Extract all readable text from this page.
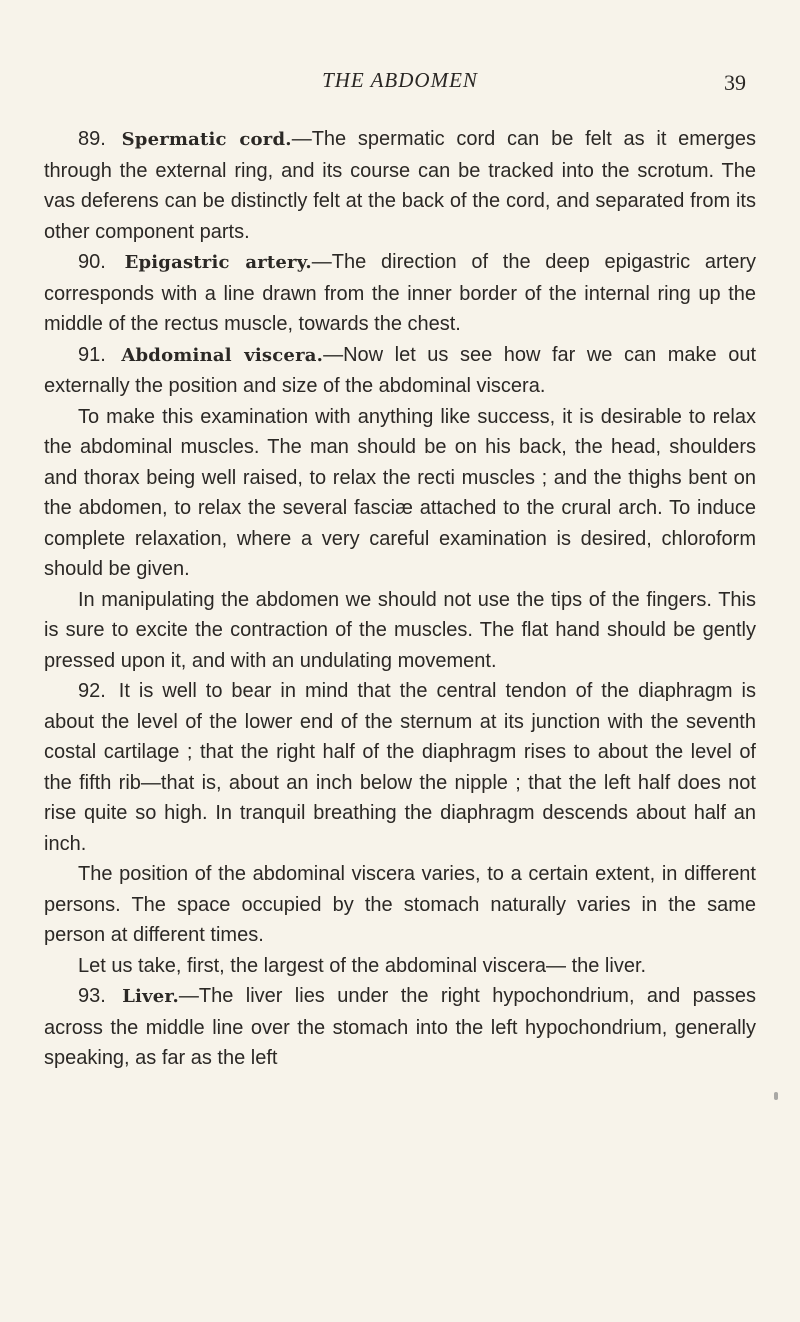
THE ABDOMEN	39

89. Spermatic cord.—The spermatic cord can be felt as it emerges through the external ring, and its course can be tracked into the scrotum. The vas deferens can be distinctly felt at the back of the cord, and separated from its other component parts.

90. Epigastric artery.—The direction of the deep epigastric artery corresponds with a line drawn from the inner border of the internal ring up the middle of the rectus muscle, towards the chest.

91. Abdominal viscera.—Now let us see how far we can make out externally the position and size of the abdominal viscera.

To make this examination with anything like success, it is desirable to relax the abdominal muscles. The man should be on his back, the head, shoulders and thorax being well raised, to relax the recti muscles ; and the thighs bent on the abdomen, to relax the several fasciæ attached to the crural arch. To induce complete relaxation, where a very careful examination is desired, chloroform should be given.

In manipulating the abdomen we should not use the tips of the fingers. This is sure to excite the contraction of the muscles. The flat hand should be gently pressed upon it, and with an undulating movement.

92. It is well to bear in mind that the central tendon of the diaphragm is about the level of the lower end of the sternum at its junction with the seventh costal cartilage ; that the right half of the diaphragm rises to about the level of the fifth rib—that is, about an inch below the nipple ; that the left half does not rise quite so high. In tranquil breathing the diaphragm descends about half an inch.

The position of the abdominal viscera varies, to a certain extent, in different persons. The space occupied by the stomach naturally varies in the same person at different times.

Let us take, first, the largest of the abdominal viscera— the liver.

93. Liver.—The liver lies under the right hypochondrium, and passes across the middle line over the stomach into the left hypochondrium, generally speaking, as far as the left
